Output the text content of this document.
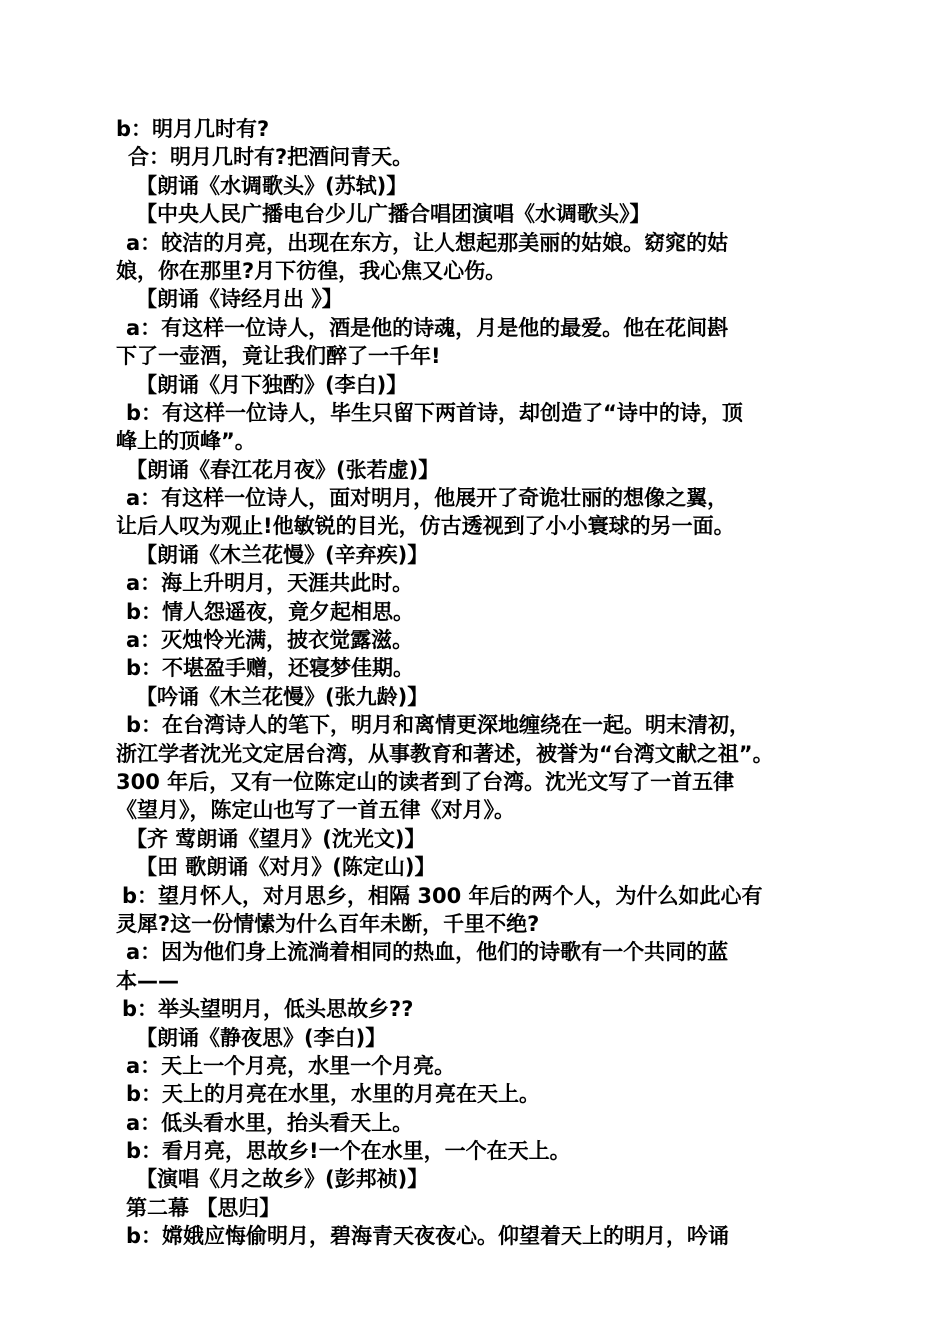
b：明月几时有?
合：明月几时有?把酒问青天。
【朗诵《水调歌头》(苏轼)】
【中央人民广播电台少儿广播合唱团演唱《水调歌头》】
a：皎洁的月亮，出现在东方，让人想起那美丽的姑娘。窈窕的姑
娘，你在那里?月下彷徨，我心焦又心伤。
【朗诵《诗经月出 》】
a：有这样一位诗人，酒是他的诗魂，月是他的最爱。他在花间斟
下了一壶酒，竟让我们醉了一千年!
【朗诵《月下独酌》(李白)】
b：有这样一位诗人，毕生只留下两首诗，却创造了“诗中的诗，顶
峰上的顶峰”。
【朗诵《春江花月夜》(张若虚)】
a：有这样一位诗人，面对明月，他展开了奇诡壮丽的想像之翼，
让后人叹为观止!他敏锐的目光，仿古透视到了小小寰球的另一面。
【朗诵《木兰花慢》(辛弃疾)】
a：海上升明月，天涯共此时。
b：情人怨遥夜，竟夕起相思。
a：灭烛怜光满，披衣觉露滋。
b：不堪盈手赠，还寝梦佳期。
【吟诵《木兰花慢》(张九龄)】
b：在台湾诗人的笔下，明月和离情更深地缠绕在一起。明末清初，
浙江学者沈光文定居台湾，从事教育和著述，被誉为“台湾文献之祖”。
300 年后，又有一位陈定山的读者到了台湾。沈光文写了一首五律
《望月》，陈定山也写了一首五律《对月》。
【齐 莺朗诵《望月》(沈光文)】
【田 歌朗诵《对月》(陈定山)】
b：望月怀人，对月思乡，相隔 300 年后的两个人，为什么如此心有
灵犀?这一份情愫为什么百年未断，千里不绝?
a：因为他们身上流淌着相同的热血，他们的诗歌有一个共同的蓝
本——
b：举头望明月，低头思故乡??
【朗诵《静夜思》(李白)】
a：天上一个月亮，水里一个月亮。
b：天上的月亮在水里，水里的月亮在天上。
a：低头看水里，抬头看天上。
b：看月亮，思故乡!一个在水里，一个在天上。
【演唱《月之故乡》(彭邦祯)】
第二幕 【思归】
b：嫦娥应悔偷明月，碧海青天夜夜心。仰望着天上的明月，吟诵
